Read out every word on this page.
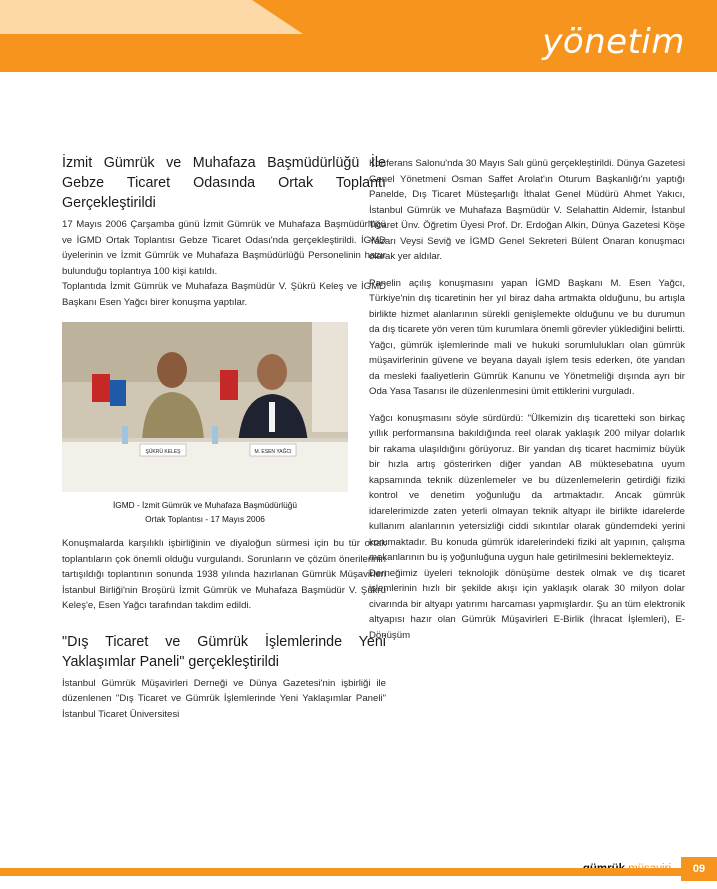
yönetim
İzmit Gümrük ve Muhafaza Başmüdürlüğü İle Gebze Ticaret Odasında Ortak Toplantı Gerçekleştirildi

17 Mayıs 2006 Çarşamba günü İzmit Gümrük ve Muhafaza Başmüdürlüğü ve İGMD Ortak Toplantısı Gebze Ticaret Odası'nda gerçekleştirildi. İGMD üyelerinin ve İzmit Gümrük ve Muhafaza Başmüdürlüğü Personelinin hazır bulunduğu toplantıya 100 kişi katıldı.

Toplantıda İzmit Gümrük ve Muhafaza Başmüdür V. Şükrü Keleş ve İGMD Başkanı Esen Yağcı birer konuşma yaptılar.

ŞÜKRÜ KELEŞ	M. ESEN YAĞCI
İGMD - İzmit Gümrük ve Muhafaza Başmüdürlüğü
Ortak Toplantısı - 17 Mayıs 2006

Konuşmalarda karşılıklı işbirliğinin ve diyaloğun sürmesi için bu tür ortak toplantıların çok önemli olduğu vurgulandı. Sorunların ve çözüm önerilerinin tartışıldığı toplantının sonunda 1938 yılında hazırlanan Gümrük Müşavirleri İstanbul Birliği'nin Broşürü İzmit Gümrük ve Muhafaza Başmüdür V. Şükrü Keleş'e, Esen Yağcı tarafından takdim edildi.

"Dış Ticaret ve Gümrük İşlemlerinde Yeni Yaklaşımlar Paneli" gerçekleştirildi

İstanbul Gümrük Müşavirleri Derneği ve Dünya Gazetesi'nin işbirliği ile düzenlenen "Dış Ticaret ve Gümrük İşlemlerinde Yeni Yaklaşımlar Paneli" İstanbul Ticaret Üniversitesi

Konferans Salonu'nda 30 Mayıs Salı günü gerçekleştirildi. Dünya Gazetesi Genel Yönetmeni Osman Saffet Arolat'ın Oturum Başkanlığı'nı yaptığı Panelde, Dış Ticaret Müsteşarlığı İthalat Genel Müdürü Ahmet Yakıcı, İstanbul Gümrük ve Muhafaza Başmüdür V. Selahattin Aldemir, İstanbul Ticaret Ünv. Öğretim Üyesi Prof. Dr. Erdoğan Alkin, Dünya Gazetesi Köşe Yazarı Veysi Seviğ ve İGMD Genel Sekreteri Bülent Onaran konuşmacı olarak yer aldılar.

Panelin açılış konuşmasını yapan İGMD Başkanı M. Esen Yağcı, Türkiye'nin dış ticaretinin her yıl biraz daha artmakta olduğunu, bu artışla birlikte hizmet alanlarının sürekli genişlemekte olduğunu ve bu durumun da dış ticarete yön veren tüm kurumlara önemli görevler yüklediğini belirtti. Yağcı, gümrük işlemlerinde mali ve hukuki sorumlulukları olan gümrük müşavirlerinin güvene ve beyana dayalı işlem tesis ederken, öte yandan da mesleki faaliyetlerin Gümrük Kanunu ve Yönetmeliği dışında ayrı bir Oda Yasa Tasarısı ile düzenlenmesini ümit ettiklerini vurguladı.

Yağcı konuşmasını söyle sürdürdü: "Ülkemizin dış ticaretteki son birkaç yıllık performansına bakıldığında reel olarak yaklaşık 200 milyar dolarlık bir rakama ulaşıldığını görüyoruz. Bir yandan dış ticaret hacmimiz büyük bir hızla artış gösterirken diğer yandan AB müktesebatına uyum kapsamında teknik düzenlemeler ve bu düzenlemelerin getirdiği fiziki kontrol ve denetim yoğunluğu da artmaktadır. Ancak gümrük idarelerimizde zaten yeterli olmayan teknik altyapı ile birlikte idarelerde kullanım alanlarının yetersizliği ciddi sıkıntılar olarak gündemdeki yerini korumaktadır. Bu konuda gümrük idarelerindeki fiziki alt yapının, çalışma mekanlarının bu iş yoğunluğuna uygun hale getirilmesini beklemekteyiz.

Derneğimiz üyeleri teknolojik dönüşüme destek olmak ve dış ticaret işlemlerinin hızlı bir şekilde akışı için yaklaşık olarak 30 milyon dolar civarında bir altyapı yatırımı harcaması yapmışlardır. Şu an tüm elektronik altyapısı hazır olan Gümrük Müşavirleri E-Birlik (İhracat İşlemleri), E-Dönüşüm

09
